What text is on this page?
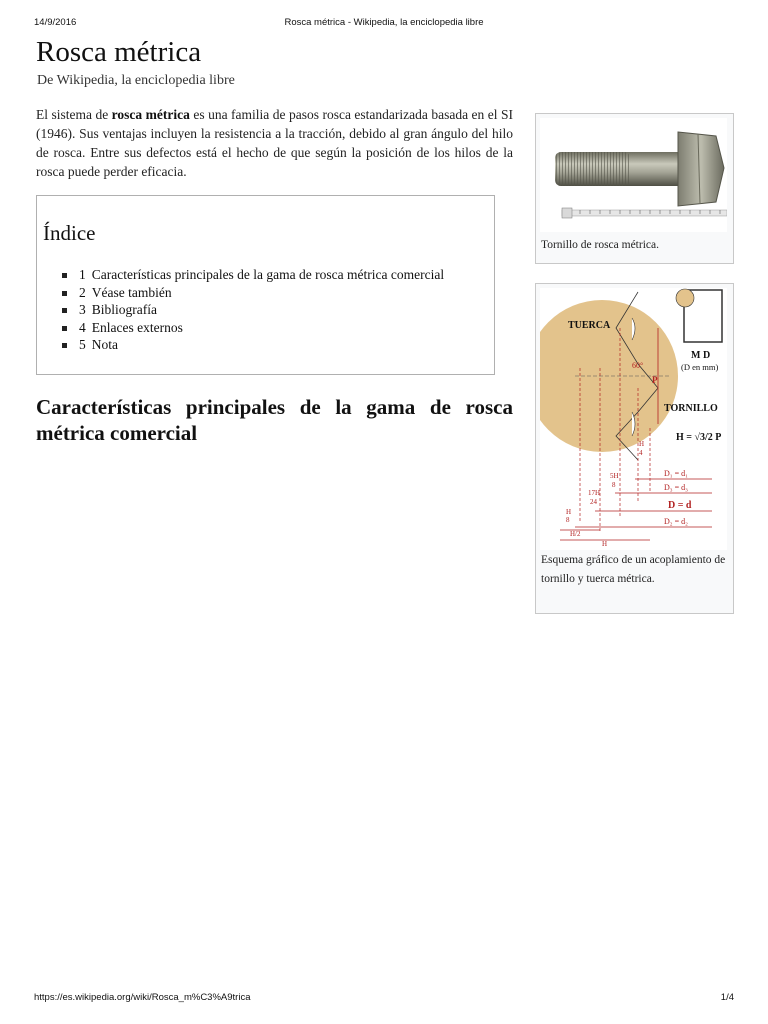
14/9/2016	Rosca métrica - Wikipedia, la enciclopedia libre
Rosca métrica
De Wikipedia, la enciclopedia libre

El sistema de rosca métrica es una familia de pasos rosca estandarizada basada en el SI (1946). Sus ventajas incluyen la resistencia a la tracción, debido al gran ángulo del hilo de rosca. Entre sus defectos está el hecho de que según la posición de los hilos de la rosca puede perder eficacia.

Índice
1 Características principales de la gama de rosca métrica comercial
2 Véase también
3 Bibliografía
4 Enlaces externos
5 Nota
Características principales de la gama de rosca métrica comercial
Tornillo de rosca métrica.
P
60°
TUERCA
TORNILLO
H = √3/2 P
M D
(D en mm)
D₁ = d₁
D₃ = d₃
D = d
D₂ = d₂
H
4
5H
8
17H
24
H
8
H/2
H
Esquema gráfico de un acoplamiento de tornillo y tuerca métrica.
https://es.wikipedia.org/wiki/Rosca_m%C3%A9trica	1/4
